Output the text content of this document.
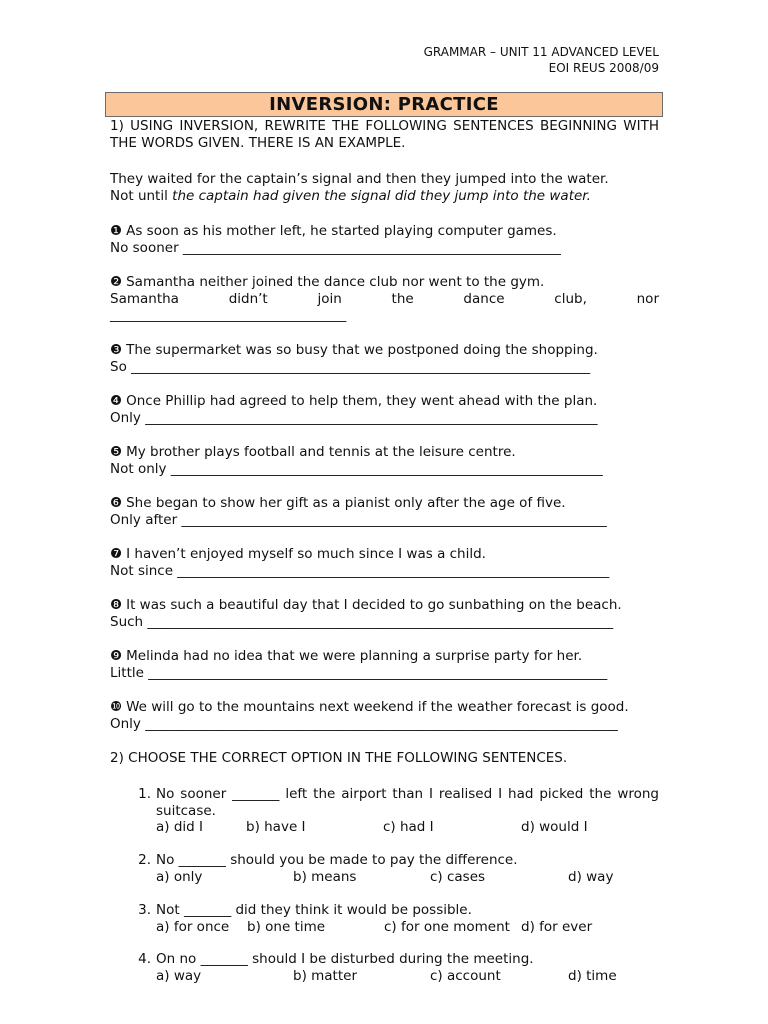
GRAMMAR – UNIT 11 ADVANCED LEVEL
EOI REUS 2008/09
INVERSION: PRACTICE
1) USING INVERSION, REWRITE THE FOLLOWING SENTENCES BEGINNING WITH THE WORDS GIVEN. THERE IS AN EXAMPLE.
They waited for the captain’s signal and then they jumped into the water.
Not until the captain had given the signal did they jump into the water.
❶ As soon as his mother left, he started playing computer games.
No sooner ________________________________________________________
❷ Samantha neither joined the dance club nor went to the gym.
Samantha didn’t join the dance club, nor
___________________________________
❸ The supermarket was so busy that we postponed doing the shopping.
So ____________________________________________________________________
❹ Once Phillip had agreed to help them, they went ahead with the plan.
Only ___________________________________________________________________
❺ My brother plays football and tennis at the leisure centre.
Not only ________________________________________________________________
❻ She began to show her gift as a pianist only after the age of five.
Only after _______________________________________________________________
❼ I haven’t enjoyed myself so much since I was a child.
Not since ________________________________________________________________
❽ It was such a beautiful day that I decided to go sunbathing on the beach.
Such _____________________________________________________________________
❾ Melinda had no idea that we were planning a surprise party for her.
Little ____________________________________________________________________
❿ We will go to the mountains next weekend if the weather forecast is good.
Only ______________________________________________________________________
2) CHOOSE THE CORRECT OPTION IN THE FOLLOWING SENTENCES.
1. No sooner _______ left the airport than I realised I had picked the wrong suitcase.
a) did I	b) have I	c) had I	d) would I
2. No _______ should you be made to pay the difference.
a) only	b) means	c) cases	d) way
3. Not _______ did they think it would be possible.
a) for once b) one time	c) for one moment d) for ever
4. On no _______ should I be disturbed during the meeting.
a) way	b) matter	c) account	d) time
